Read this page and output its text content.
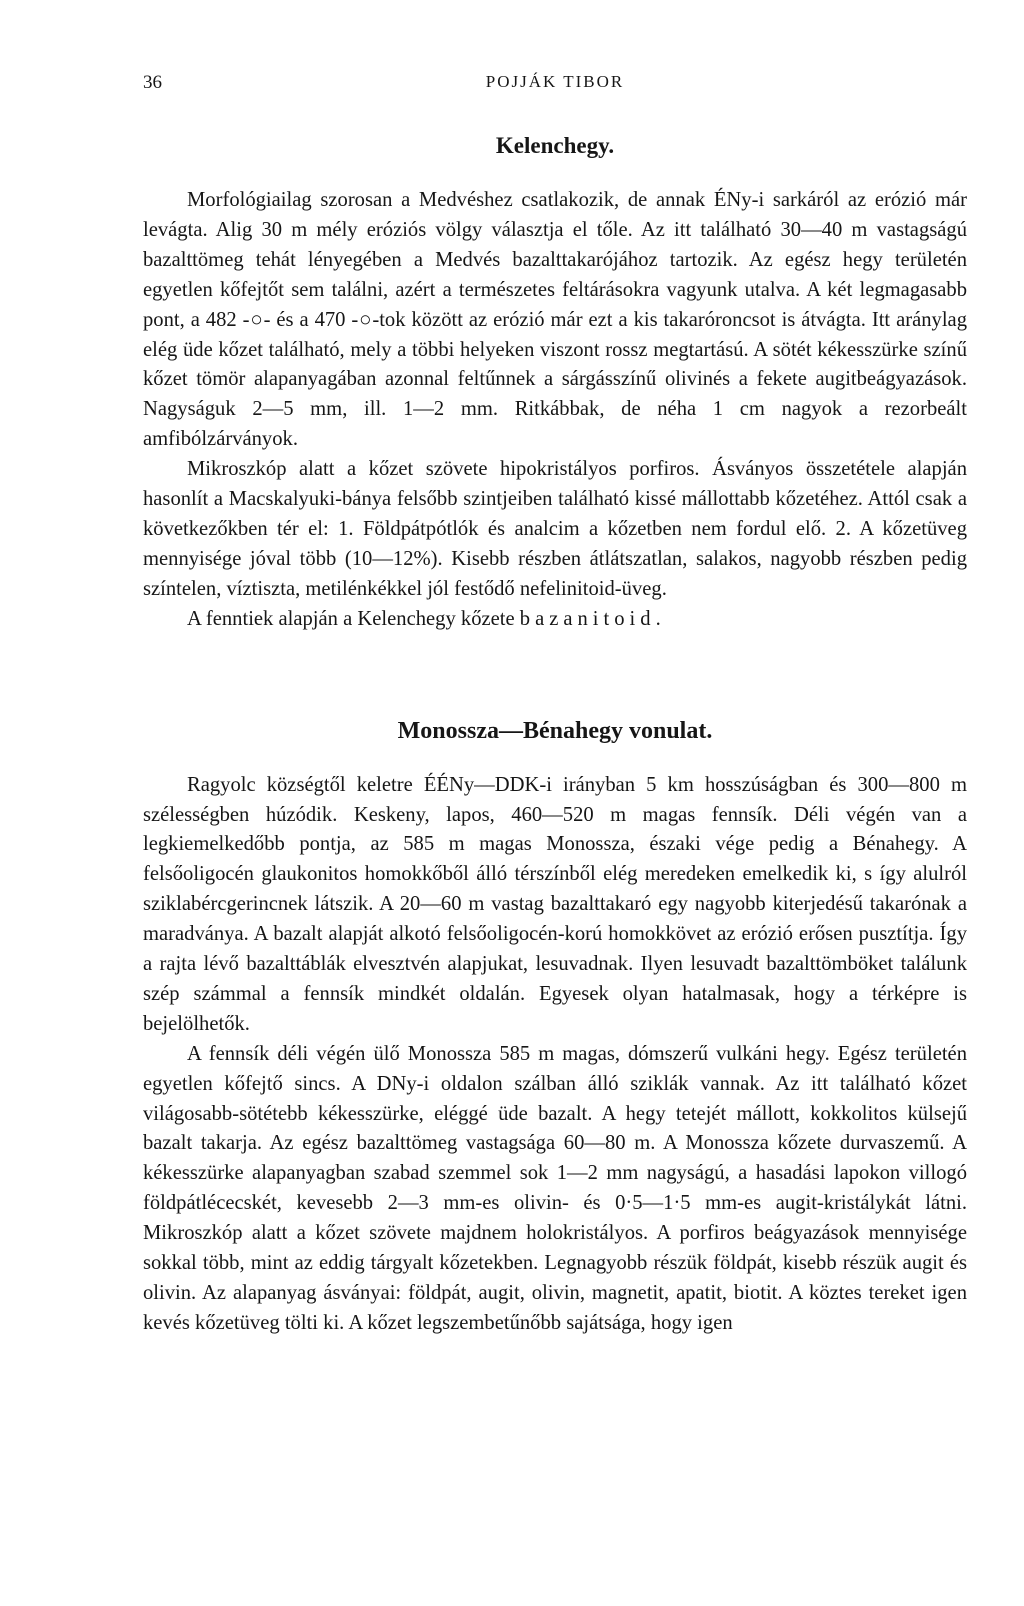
36	POJJÁK TIBOR
Kelenchegy.

Morfológiailag szorosan a Medvéshez csatlakozik, de annak ÉNy-i sarkáról az erózió már levágta. Alig 30 m mély eróziós völgy választja el tőle. Az itt található 30—40 m vastagságú bazalttömeg tehát lényegében a Medvés bazalttakarójához tartozik. Az egész hegy területén egyetlen kőfejtőt sem találni, azért a természetes feltárásokra vagyunk utalva. A két legmagasabb pont, a 482 -○- és a 470 -○-tok között az erózió már ezt a kis takaróroncsot is átvágta. Itt aránylag elég üde kőzet található, mely a többi helyeken viszont rossz megtartású. A sötét kékesszürke színű kőzet tömör alapanyagában azonnal feltűnnek a sárgásszínű olivinés a fekete augitbeágyazások. Nagyságuk 2—5 mm, ill. 1—2 mm. Ritkábbak, de néha 1 cm nagyok a rezorbeált amfibólzárványok.

Mikroszkóp alatt a kőzet szövete hipokristályos porfiros. Ásványos összetétele alapján hasonlít a Macskalyuki-bánya felsőbb szintjeiben található kissé mállottabb kőzetéhez. Attól csak a következőkben tér el: 1. Földpátpótlók és analcim a kőzetben nem fordul elő. 2. A kőzetüveg mennyisége jóval több (10—12%). Kisebb részben átlátszatlan, salakos, nagyobb részben pedig színtelen, víztiszta, metilénkékkel jól festődő nefelinitoid-üveg.

A fenntiek alapján a Kelenchegy kőzete bazanitoid.

Monossza—Bénahegy vonulat.

Ragyolc községtől keletre ÉÉNy—DDK-i irányban 5 km hosszúságban és 300—800 m szélességben húzódik. Keskeny, lapos, 460—520 m magas fennsík. Déli végén van a legkiemelkedőbb pontja, az 585 m magas Monossza, északi vége pedig a Bénahegy. A felsőoligocén glaukonitos homokkőből álló térszínből elég meredeken emelkedik ki, s így alulról sziklabércgerincnek látszik. A 20—60 m vastag bazalttakaró egy nagyobb kiterjedésű takarónak a maradványa. A bazalt alapját alkotó felsőoligocén-korú homokkövet az erózió erősen pusztítja. Így a rajta lévő bazalttáblák elvesztvén alapjukat, lesuvadnak. Ilyen lesuvadt bazalttömböket találunk szép számmal a fennsík mindkét oldalán. Egyesek olyan hatalmasak, hogy a térképre is bejelölhetők.

A fennsík déli végén ülő Monossza 585 m magas, dómszerű vulkáni hegy. Egész területén egyetlen kőfejtő sincs. A DNy-i oldalon szálban álló sziklák vannak. Az itt található kőzet világosabb-sötétebb kékesszürke, eléggé üde bazalt. A hegy tetejét mállott, kokkolitos külsejű bazalt takarja. Az egész bazalttömeg vastagsága 60—80 m. A Monossza kőzete durvaszemű. A kékesszürke alapanyagban szabad szemmel sok 1—2 mm nagyságú, a hasadási lapokon villogó földpátlécecskét, kevesebb 2—3 mm-es olivin- és 0·5—1·5 mm-es augit-kristálykát látni. Mikroszkóp alatt a kőzet szövete majdnem holokristályos. A porfiros beágyazások mennyisége sokkal több, mint az eddig tárgyalt kőzetekben. Legnagyobb részük földpát, kisebb részük augit és olivin. Az alapanyag ásványai: földpát, augit, olivin, magnetit, apatit, biotit. A köztes tereket igen kevés kőzetüveg tölti ki. A kőzet legszembetűnőbb sajátsága, hogy igen
